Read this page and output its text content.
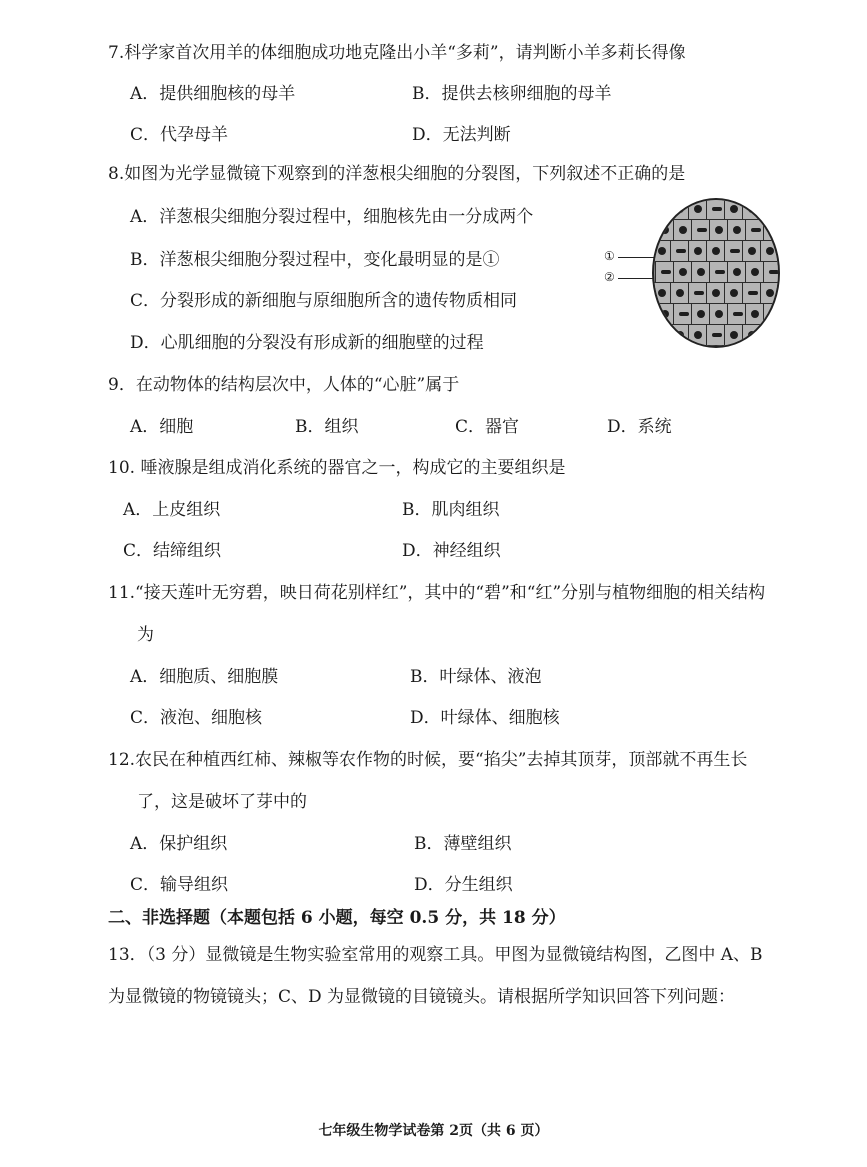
7.科学家首次用羊的体细胞成功地克隆出小羊“多莉”，请判断小羊多莉长得像
A．提供细胞核的母羊	B．提供去核卵细胞的母羊
C．代孕母羊	D．无法判断
8.如图为光学显微镜下观察到的洋葱根尖细胞的分裂图，下列叙述不正确的是
A．洋葱根尖细胞分裂过程中，细胞核先由一分成两个
B．洋葱根尖细胞分裂过程中，变化最明显的是①
C．分裂形成的新细胞与原细胞所含的遗传物质相同
D．心肌细胞的分裂没有形成新的细胞壁的过程
①
②
9．在动物体的结构层次中，人体的“心脏”属于
A．细胞	B．组织	C．器官	D．系统
10. 唾液腺是组成消化系统的器官之一，构成它的主要组织是
A．上皮组织	B．肌肉组织
C．结缔组织	D．神经组织
11.“接天莲叶无穷碧，映日荷花别样红”，其中的“碧”和“红”分别与植物细胞的相关结构
为
A．细胞质、细胞膜	B．叶绿体、液泡
C．液泡、细胞核	D．叶绿体、细胞核
12.农民在种植西红柿、辣椒等农作物的时候，要“掐尖”去掉其顶芽，顶部就不再生长
了，这是破坏了芽中的
A．保护组织	B．薄壁组织
C．输导组织	D．分生组织
二、非选择题（本题包括 6 小题，每空 0.5 分，共 18 分）
13．（3 分）显微镜是生物实验室常用的观察工具。甲图为显微镜结构图，乙图中 A、B
为显微镜的物镜镜头；C、D 为显微镜的目镜镜头。请根据所学知识回答下列问题：
七年级生物学试卷第 2页（共 6 页）
